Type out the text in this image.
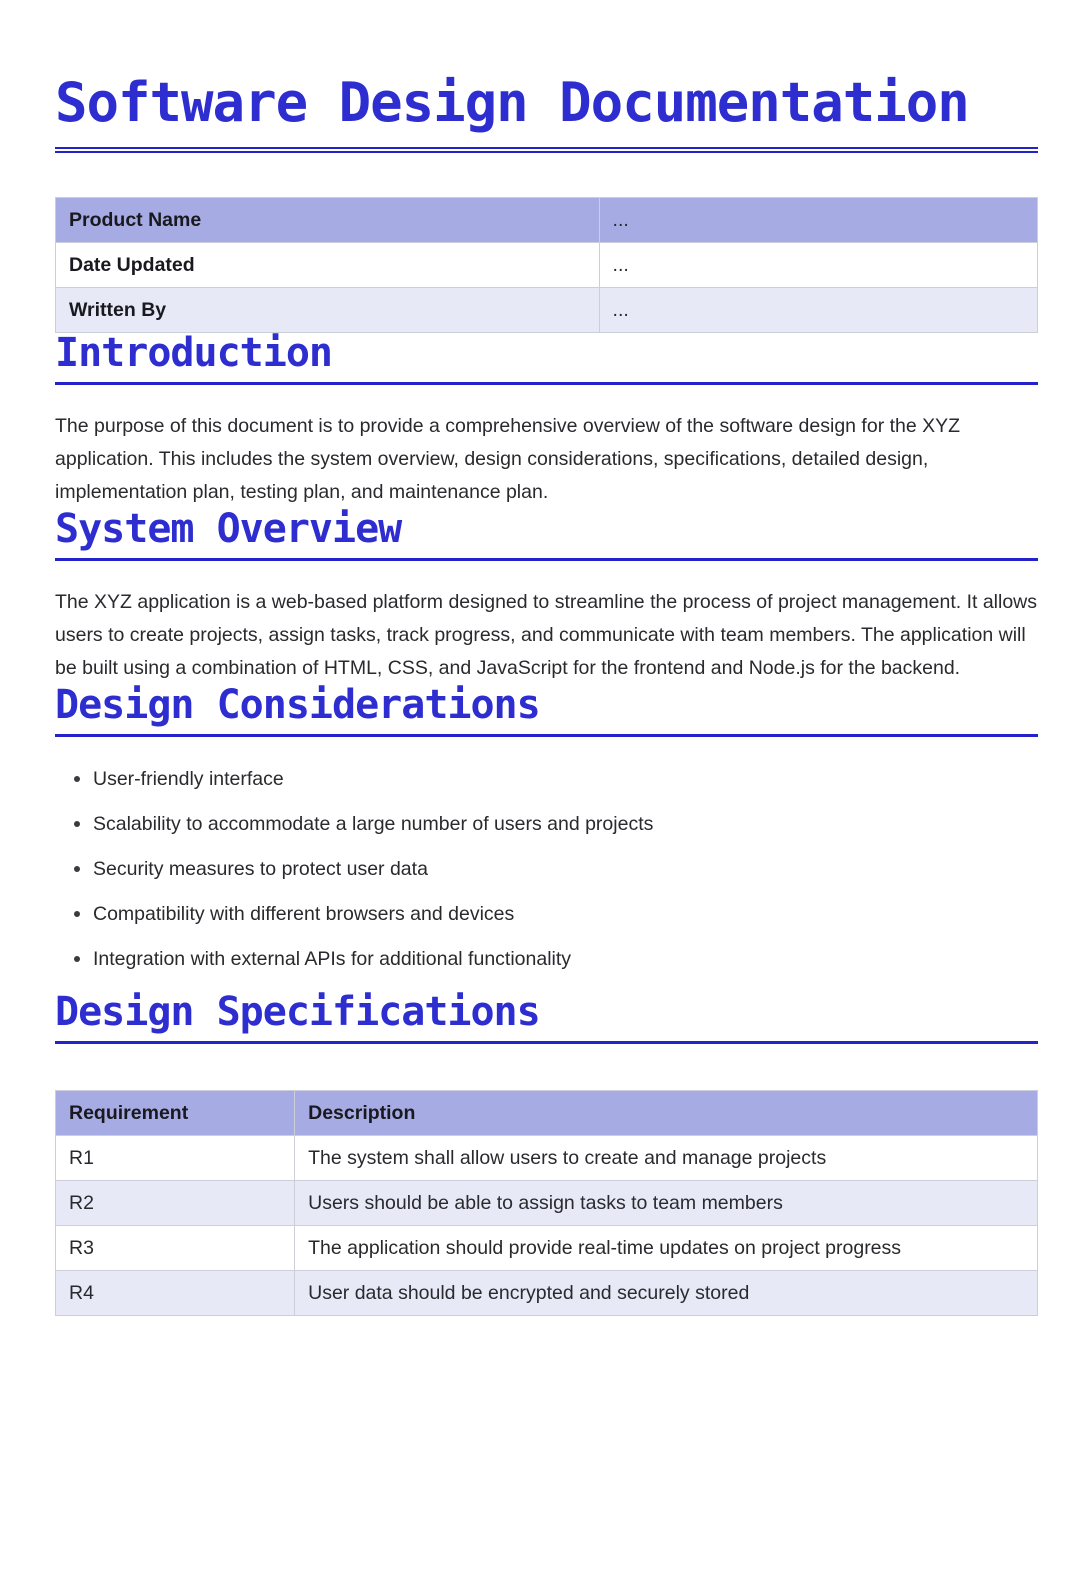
Software Design Documentation
Product Name	...
Date Updated	...
Written By	...
Introduction

The purpose of this document is to provide a comprehensive overview of the software design for the XYZ application. This includes the system overview, design considerations, specifications, detailed design, implementation plan, testing plan, and maintenance plan.

System Overview

The XYZ application is a web-based platform designed to streamline the process of project management. It allows users to create projects, assign tasks, track progress, and communicate with team members. The application will be built using a combination of HTML, CSS, and JavaScript for the frontend and Node.js for the backend.

Design Considerations
User-friendly interface
Scalability to accommodate a large number of users and projects
Security measures to protect user data
Compatibility with different browsers and devices
Integration with external APIs for additional functionality
Design Specifications
Requirement	Description
R1	The system shall allow users to create and manage projects
R2	Users should be able to assign tasks to team members
R3	The application should provide real-time updates on project progress
R4	User data should be encrypted and securely stored
